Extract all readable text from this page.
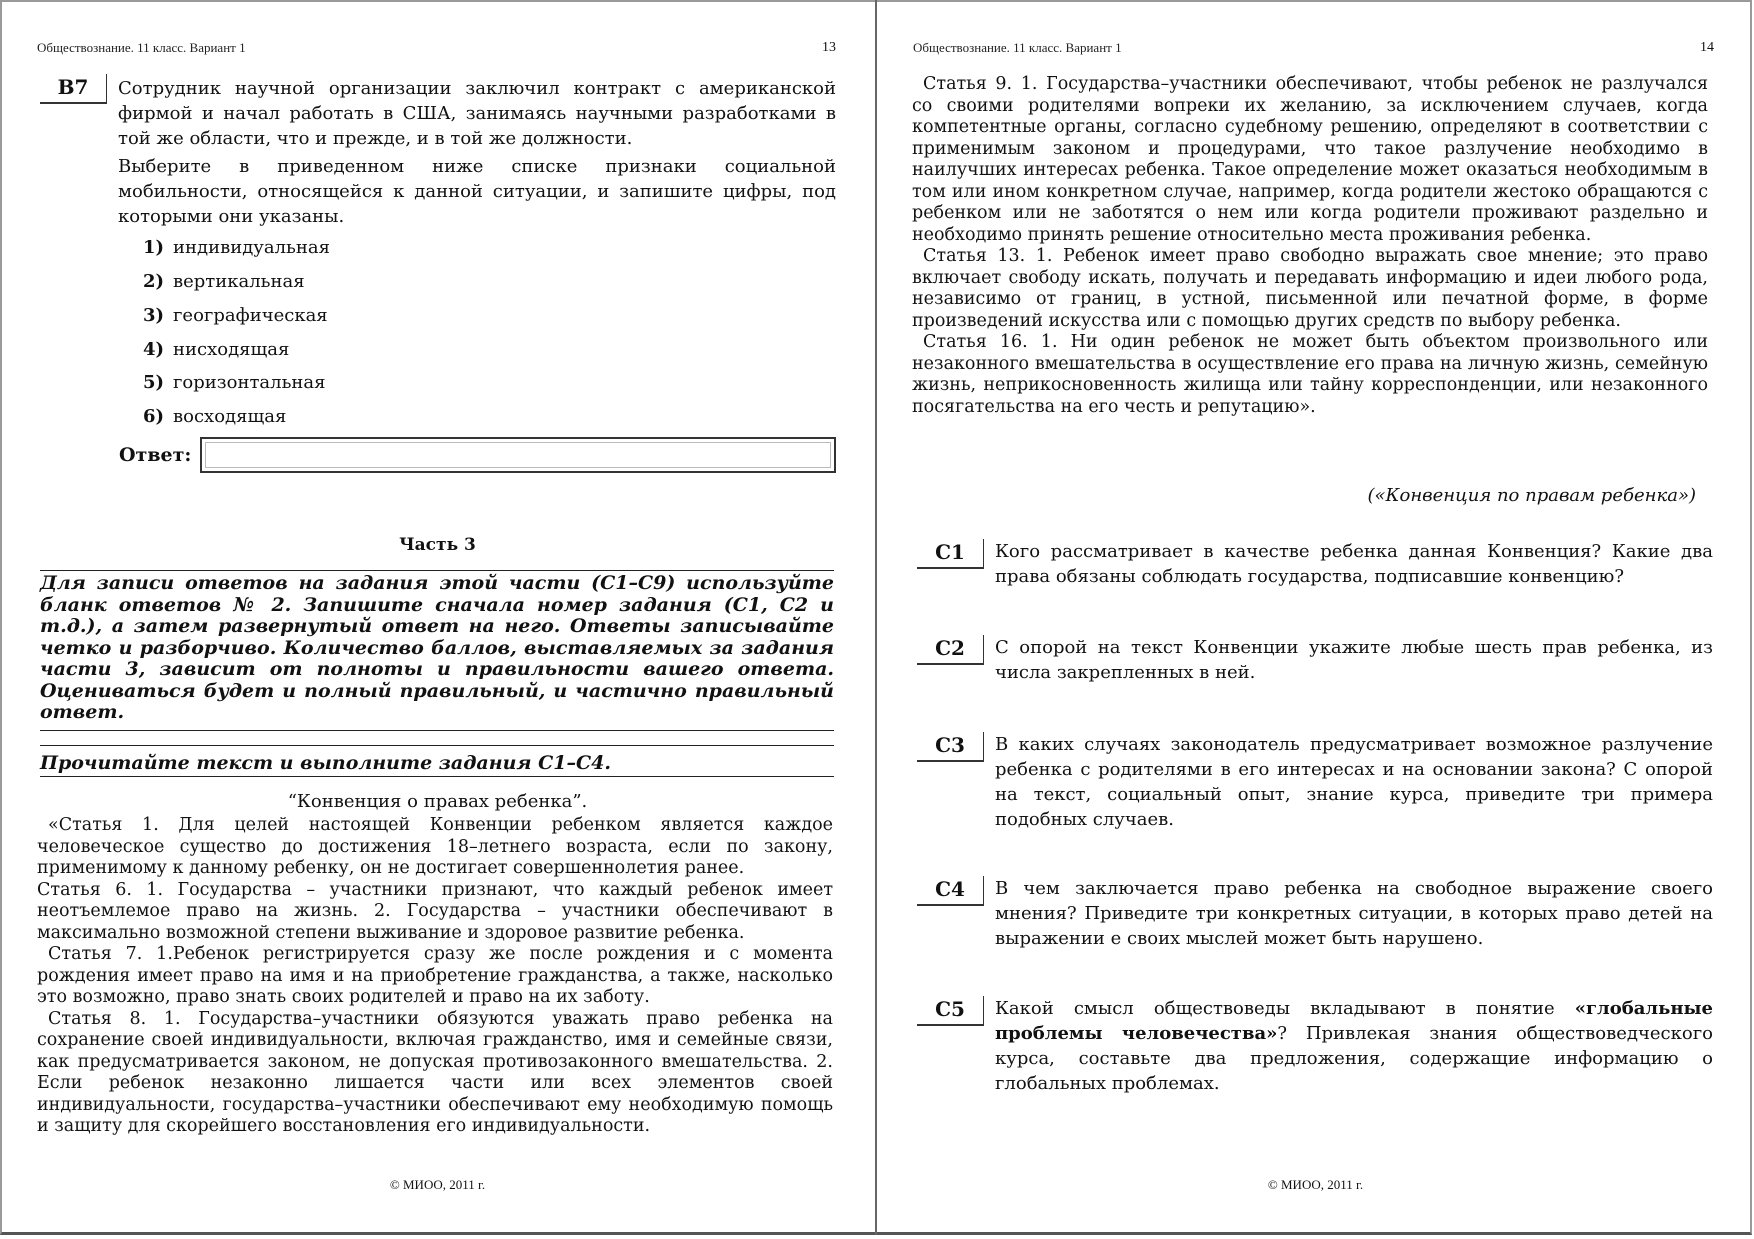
Обществознание. 11 класс. Вариант 1	13
B7	Сотрудник научной организации заключил контракт с американской фирмой и начал работать в США, занимаясь научными разработками в той же области, что и прежде, и в той же должности.

Выберите в приведенном ниже списке признаки социальной мобильности, относящейся к данной ситуации, и запишите цифры, под которыми они указаны.

1) индивидуальная
2) вертикальная
3) географическая
4) нисходящая
5) горизонтальная
6) восходящая
Ответ:
Часть 3
Для записи ответов на задания этой части (С1–С9) используйте бланк ответов № 2. Запишите сначала номер задания (С1, С2 и т.д.), а затем развернутый ответ на него. Ответы записывайте четко и разборчиво. Количество баллов, выставляемых за задания части 3, зависит от полноты и правильности вашего ответа. Оцениваться будет и полный правильный, и частично правильный ответ.
Прочитайте текст и выполните задания С1–С4.
“Конвенция о правах ребенка”.

«Статья 1. Для целей настоящей Конвенции ребенком является каждое человеческое существо до достижения 18–летнего возраста, если по закону, применимому к данному ребенку, он не достигает совершеннолетия ранее.

Статья 6. 1. Государства – участники признают, что каждый ребенок имеет неотъемлемое право на жизнь. 2. Государства – участники обеспечивают в максимально возможной степени выживание и здоровое развитие ребенка.

Статья 7. 1.Ребенок регистрируется сразу же после рождения и с момента рождения имеет право на имя и на приобретение гражданства, а также, насколько это возможно, право знать своих родителей и право на их заботу.

Статья 8. 1. Государства–участники обязуются уважать право ребенка на сохранение своей индивидуальности, включая гражданство, имя и семейные связи, как предусматривается законом, не допуская противозаконного вмешательства. 2. Если ребенок незаконно лишается части или всех элементов своей индивидуальности, государства–участники обеспечивают ему необходимую помощь и защиту для скорейшего восстановления его индивидуальности.

© МИОО, 2011 г.
Обществознание. 11 класс. Вариант 1	14

Статья 9. 1. Государства–участники обеспечивают, чтобы ребенок не разлучался со своими родителями вопреки их желанию, за исключением случаев, когда компетентные органы, согласно судебному решению, определяют в соответствии с применимым законом и процедурами, что такое разлучение необходимо в наилучших интересах ребенка. Такое определение может оказаться необходимым в том или ином конкретном случае, например, когда родители жестоко обращаются с ребенком или не заботятся о нем или когда родители проживают раздельно и необходимо принять решение относительно места проживания ребенка.

Статья 13. 1. Ребенок имеет право свободно выражать свое мнение; это право включает свободу искать, получать и передавать информацию и идеи любого рода, независимо от границ, в устной, письменной или печатной форме, в форме произведений искусства или с помощью других средств по выбору ребенка.

Статья 16. 1. Ни один ребенок не может быть объектом произвольного или незаконного вмешательства в осуществление его права на личную жизнь, семейную жизнь, неприкосновенность жилища или тайну корреспонденции, или незаконного посягательства на его честь и репутацию».

(«Конвенция по правам ребенка»)
C1	Кого рассматривает в качестве ребенка данная Конвенция? Какие два права обязаны соблюдать государства, подписавшие конвенцию?
C2	С опорой на текст Конвенции укажите любые шесть прав ребенка, из числа закрепленных в ней.
C3	В каких случаях законодатель предусматривает возможное разлучение ребенка с родителями в его интересах и на основании закона? С опорой на текст, социальный опыт, знание курса, приведите три примера подобных случаев.
C4	В чем заключается право ребенка на свободное выражение своего мнения? Приведите три конкретных ситуации, в которых право детей на выражении е своих мыслей может быть нарушено.
C5	Какой смысл обществоведы вкладывают в понятие «глобальные проблемы человечества»? Привлекая знания обществоведческого курса, составьте два предложения, содержащие информацию о глобальных проблемах.
© МИОО, 2011 г.
